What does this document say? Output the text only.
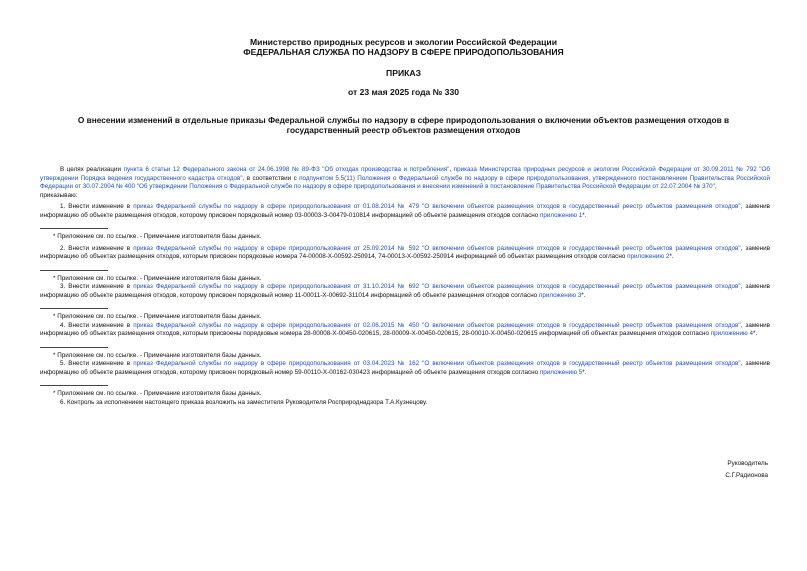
Министерство природных ресурсов и экологии Российской Федерации
ФЕДЕРАЛЬНАЯ СЛУЖБА ПО НАДЗОРУ В СФЕРЕ ПРИРОДОПОЛЬЗОВАНИЯ
ПРИКАЗ
от 23 мая 2025 года № 330
О внесении изменений в отдельные приказы Федеральной службы по надзору в сфере природопользования о включении объектов размещения отходов в государственный реестр объектов размещения отходов

В целях реализации пункта 6 статьи 12 Федерального закона от 24.06.1998 № 89-ФЗ "Об отходах производства и потребления", приказа Министерства природных ресурсов и экологии Российской Федерации от 30.09.2011 № 792 "Об утверждении Порядка ведения государственного кадастра отходов", в соответствии с подпунктом 5.5(11) Положения о Федеральной службе по надзору в сфере природопользования, утвержденного постановлением Правительства Российской Федерации от 30.07.2004 № 400 "Об утверждении Положения о Федеральной службе по надзору в сфере природопользования и внесении изменений в постановление Правительства Российской Федерации от 22.07.2004 № 370",

приказываю:

1. Внести изменение в приказ Федеральной службы по надзору в сфере природопользования от 01.08.2014 № 479 "О включении объектов размещения отходов в государственный реестр объектов размещения отходов", заменив информацию об объекте размещения отходов, которому присвоен порядковый номер 03-00003-З-00479-010814 информацией об объекте размещения отходов согласно приложению 1*.

* Приложение см. по ссылке. - Примечание изготовителя базы данных.

2. Внести изменение в приказ Федеральной службы по надзору в сфере природопользования от 25.09.2014 № 592 "О включении объектов размещения отходов в государственный реестр объектов размещения отходов", заменив информацию об объектах размещения отходов, которым присвоен порядковые номера 74-00008-Х-00592-250914, 74-00013-Х-00592-250914 информацией об объектах размещения отходов согласно приложению 2*.

* Приложение см. по ссылке. - Примечание изготовителя базы данных.

3. Внести изменение в приказ Федеральной службы по надзору в сфере природопользования от 31.10.2014 № 692 "О включении объектов размещения отходов в государственный реестр объектов размещения отходов", заменив информацию об объекте размещения отходов, которому присвоен порядковый номер 11-00011-Х-00692-311014 информацией об объекте размещения отходов согласно приложению 3*.

* Приложение см. по ссылке. - Примечание изготовителя базы данных.

4. Внести изменение в приказ Федеральной службы по надзору в сфере природопользования от 02.06.2015 № 450 "О включении объектов размещения отходов в государственный реестр объектов размещения отходов", заменив информацию об объектах размещения отходов, которым присвоены порядковые номера 28-00008-Х-00450-020615, 28-00009-Х-00450-020615, 28-00010-Х-00450-020615 информацией об объектах размещения отходов согласно приложению 4*.

* Приложение см. по ссылке. - Примечание изготовителя базы данных.

5. Внести изменение в приказ Федеральной службы по надзору в сфере природопользования от 03.04.2023 № 162 "О включении объектов размещения отходов в государственный реестр объектов размещения отходов", заменив информацию об объекте размещения отходов, которому присвоен порядковый номер 59-00110-Х-00162-030423 информацией об объекте размещения отходов согласно приложению 5*.

* Приложение см. по ссылке. - Примечание изготовителя базы данных.

6. Контроль за исполнением настоящего приказа возложить на заместителя Руководителя Росприроднадзора Т.А.Кузнецову.

Руководитель
С.Г.Радионова
